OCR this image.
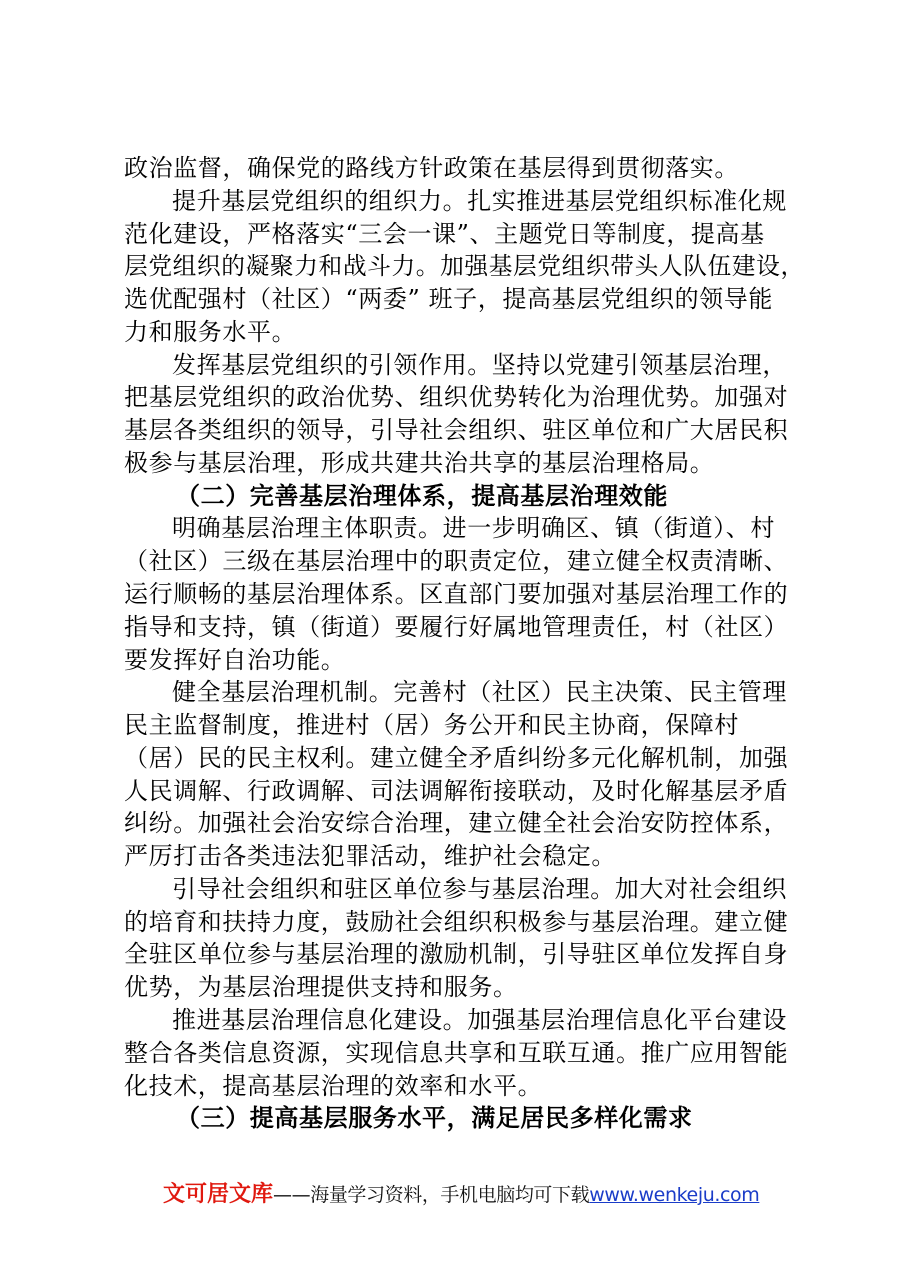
政治监督，确保党的路线方针政策在基层得到贯彻落实。
提升基层党组织的组织力。扎实推进基层党组织标准化规
范化建设，严格落实“三会一课”、主题党日等制度，提高基
层党组织的凝聚力和战斗力。加强基层党组织带头人队伍建设，
选优配强村（社区）“两委” 班子，提高基层党组织的领导能
力和服务水平。
发挥基层党组织的引领作用。坚持以党建引领基层治理，
把基层党组织的政治优势、组织优势转化为治理优势。加强对
基层各类组织的领导，引导社会组织、驻区单位和广大居民积
极参与基层治理，形成共建共治共享的基层治理格局。
（二）完善基层治理体系，提高基层治理效能
明确基层治理主体职责。进一步明确区、镇（街道）、村
（社区）三级在基层治理中的职责定位，建立健全权责清晰、
运行顺畅的基层治理体系。区直部门要加强对基层治理工作的
指导和支持，镇（街道）要履行好属地管理责任，村（社区）
要发挥好自治功能。
健全基层治理机制。完善村（社区）民主决策、民主管理
民主监督制度，推进村（居）务公开和民主协商，保障村
（居）民的民主权利。建立健全矛盾纠纷多元化解机制，加强
人民调解、行政调解、司法调解衔接联动，及时化解基层矛盾
纠纷。加强社会治安综合治理，建立健全社会治安防控体系，
严厉打击各类违法犯罪活动，维护社会稳定。
引导社会组织和驻区单位参与基层治理。加大对社会组织
的培育和扶持力度，鼓励社会组织积极参与基层治理。建立健
全驻区单位参与基层治理的激励机制，引导驻区单位发挥自身
优势，为基层治理提供支持和服务。
推进基层治理信息化建设。加强基层治理信息化平台建设
整合各类信息资源，实现信息共享和互联互通。推广应用智能
化技术，提高基层治理的效率和水平。
（三）提高基层服务水平，满足居民多样化需求
文可居文库——海量学习资料，手机电脑均可下载www.wenkeju.com
